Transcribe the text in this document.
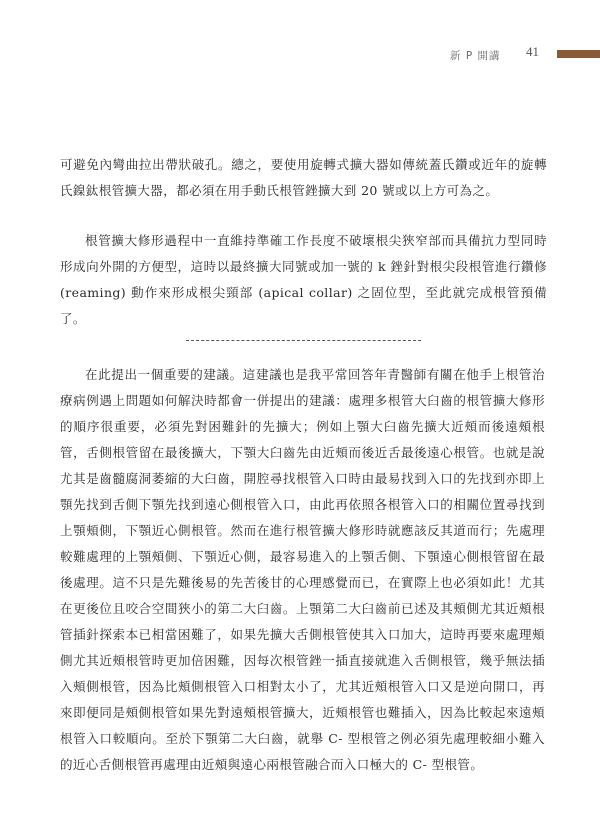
新 P 開講 41

可避免內彎曲拉出帶狀破孔。總之，要使用旋轉式擴大器如傳統蓋氏鑽或近年的旋轉氏鎳鈦根管擴大器，都必須在用手動氏根管銼擴大到 20 號或以上方可為之。

根管擴大修形過程中一直維持準確工作長度不破壞根尖狹窄部而具備抗力型同時形成向外開的方便型，這時以最終擴大同號或加一號的 k 銼針對根尖段根管進行鑽修 (reaming) 動作來形成根尖頸部 (apical collar) 之固位型，至此就完成根管預備了。

在此提出一個重要的建議。這建議也是我平常回答年青醫師有關在他手上根管治療病例遇上問題如何解決時都會一併提出的建議：處理多根管大臼齒的根管擴大修形的順序很重要，必須先對困難針的先擴大；例如上顎大臼齒先擴大近頰而後遠頰根管，舌側根管留在最後擴大，下顎大臼齒先由近頰而後近舌最後遠心根管。也就是說尤其是齒髓腐洞萎縮的大臼齒，開腔尋找根管入口時由最易找到入口的先找到亦即上顎先找到舌側下顎先找到遠心側根管入口，由此再依照各根管入口的相關位置尋找到上顎頰側，下顎近心側根管。然而在進行根管擴大修形時就應該反其道而行；先處理較難處理的上顎頰側、下顎近心側，最容易進入的上顎舌側、下顎遠心側根管留在最後處理。這不只是先難後易的先苦後甘的心理感覺而已，在實際上也必須如此！尤其在更後位且咬合空間狹小的第二大臼齒。上顎第二大臼齒前已述及其頰側尤其近頰根管插針探索本已相當困難了，如果先擴大舌側根管使其入口加大，這時再要來處理頰側尤其近頰根管時更加倍困難，因每次根管銼一插直接就進入舌側根管，幾乎無法插入頰側根管，因為比頰側根管入口相對太小了，尤其近頰根管入口又是逆向開口，再來即便同是頰側根管如果先對遠頰根管擴大，近頰根管也難插入，因為比較起來遠頰根管入口較順向。至於下顎第二大臼齒，就舉 C- 型根管之例必須先處理較細小難入的近心舌側根管再處理由近頰與遠心兩根管融合而入口極大的 C- 型根管。
